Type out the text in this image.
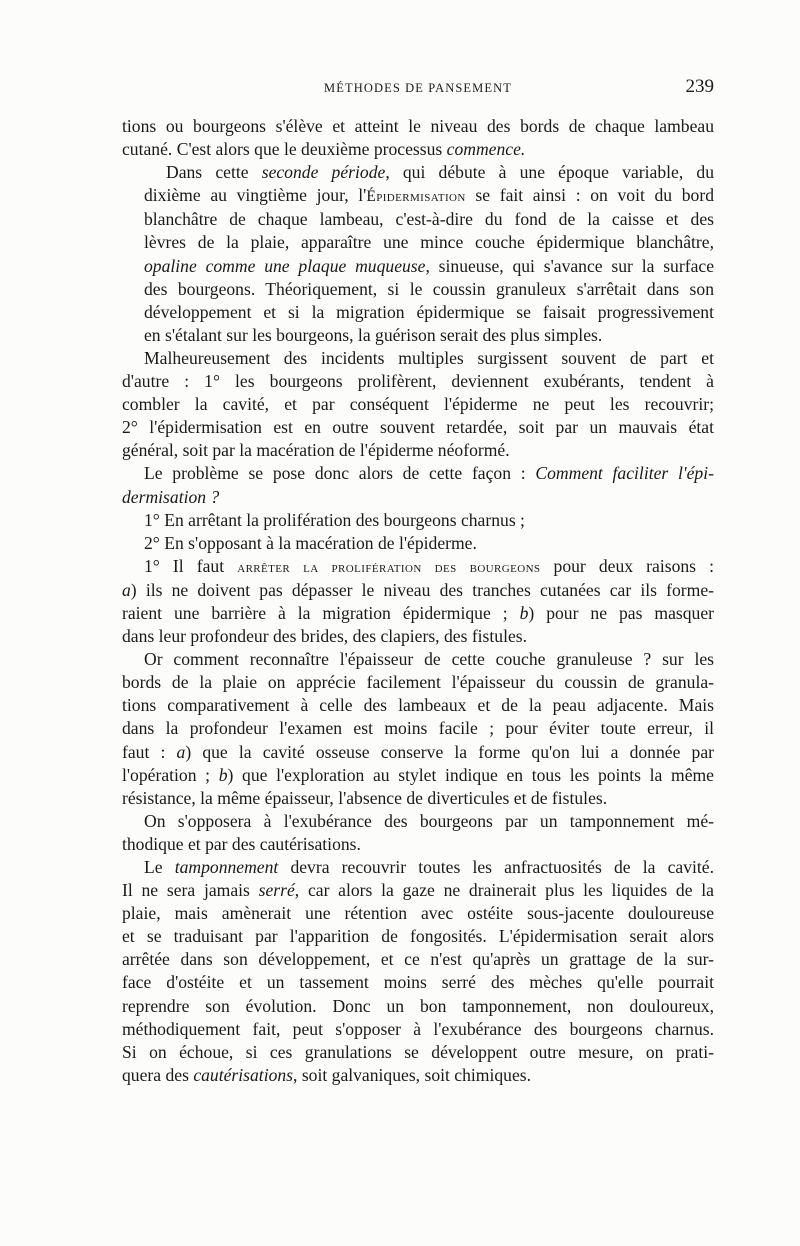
MÉTHODES DE PANSEMENT	239

tions ou bourgeons s'élève et atteint le niveau des bords de chaque lambeau
cutané. C'est alors que le deuxième processus commence.

Dans cette seconde période, qui débute à une époque variable, du
dixième au vingtième jour, l'Épidermisation se fait ainsi : on voit du bord
blanchâtre de chaque lambeau, c'est-à-dire du fond de la caisse et des
lèvres de la plaie, apparaître une mince couche épidermique blanchâtre,
opaline comme une plaque muqueuse, sinueuse, qui s'avance sur la surface
des bourgeons. Théoriquement, si le coussin granuleux s'arrêtait dans son
développement et si la migration épidermique se faisait progressivement
en s'étalant sur les bourgeons, la guérison serait des plus simples.

Malheureusement des incidents multiples surgissent souvent de part et
d'autre : 1° les bourgeons prolifèrent, deviennent exubérants, tendent à
combler la cavité, et par conséquent l'épiderme ne peut les recouvrir;
2° l'épidermisation est en outre souvent retardée, soit par un mauvais état
général, soit par la macération de l'épiderme néoformé.

Le problème se pose donc alors de cette façon : Comment faciliter l'épi-
dermisation ?
1° En arrêtant la prolifération des bourgeons charnus ;
2° En s'opposant à la macération de l'épiderme.

1° Il faut arrêter la prolifération des bourgeons pour deux raisons :
a) ils ne doivent pas dépasser le niveau des tranches cutanées car ils forme-
raient une barrière à la migration épidermique ; b) pour ne pas masquer
dans leur profondeur des brides, des clapiers, des fistules.

Or comment reconnaître l'épaisseur de cette couche granuleuse ? sur les
bords de la plaie on apprécie facilement l'épaisseur du coussin de granula-
tions comparativement à celle des lambeaux et de la peau adjacente. Mais
dans la profondeur l'examen est moins facile ; pour éviter toute erreur, il
faut : a) que la cavité osseuse conserve la forme qu'on lui a donnée par
l'opération ; b) que l'exploration au stylet indique en tous les points la même
résistance, la même épaisseur, l'absence de diverticules et de fistules.

On s'opposera à l'exubérance des bourgeons par un tamponnement mé-
thodique et par des cautérisations.

Le tamponnement devra recouvrir toutes les anfractuosités de la cavité.
Il ne sera jamais serré, car alors la gaze ne drainerait plus les liquides de la
plaie, mais amènerait une rétention avec ostéite sous-jacente douloureuse
et se traduisant par l'apparition de fongosités. L'épidermisation serait alors
arrêtée dans son développement, et ce n'est qu'après un grattage de la sur-
face d'ostéite et un tassement moins serré des mèches qu'elle pourrait
reprendre son évolution. Donc un bon tamponnement, non douloureux,
méthodiquement fait, peut s'opposer à l'exubérance des bourgeons charnus.
Si on échoue, si ces granulations se développent outre mesure, on prati-
quera des cautérisations, soit galvaniques, soit chimiques.
